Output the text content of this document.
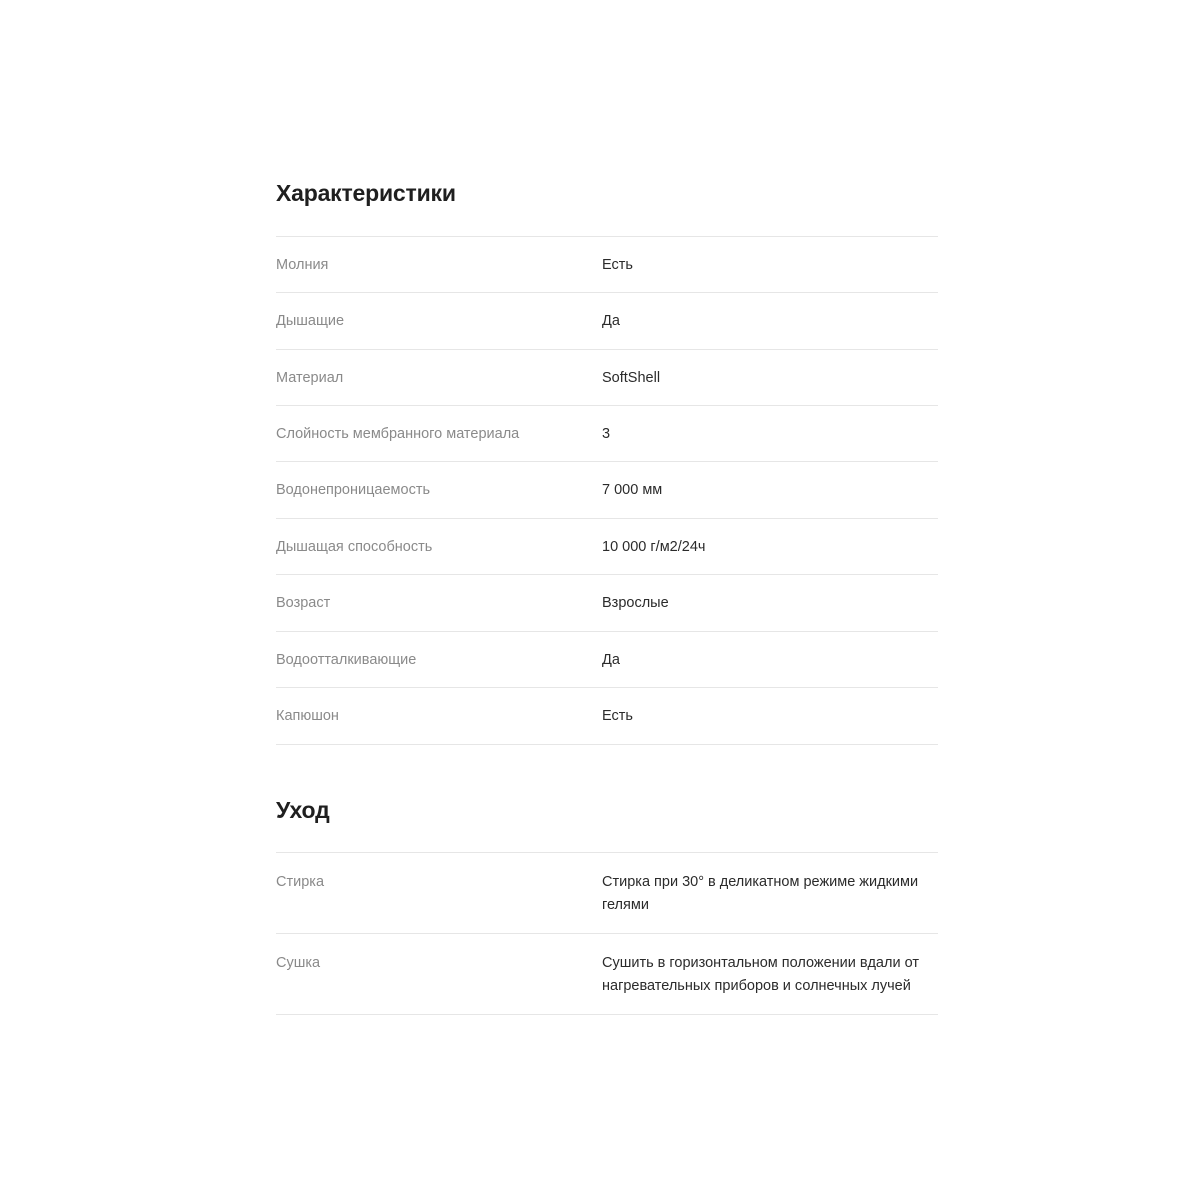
Характеристики
Молния	Есть
Дышащие	Да
Материал	SoftShell
Слойность мембранного материала	3
Водонепроницаемость	7 000 мм
Дышащая способность	10 000 г/м2/24ч
Возраст	Взрослые
Водоотталкивающие	Да
Капюшон	Есть
Уход
Стирка	Стирка при 30° в деликатном режиме жидкими гелями
Сушка	Сушить в горизонтальном положении вдали от нагревательных приборов и солнечных лучей
